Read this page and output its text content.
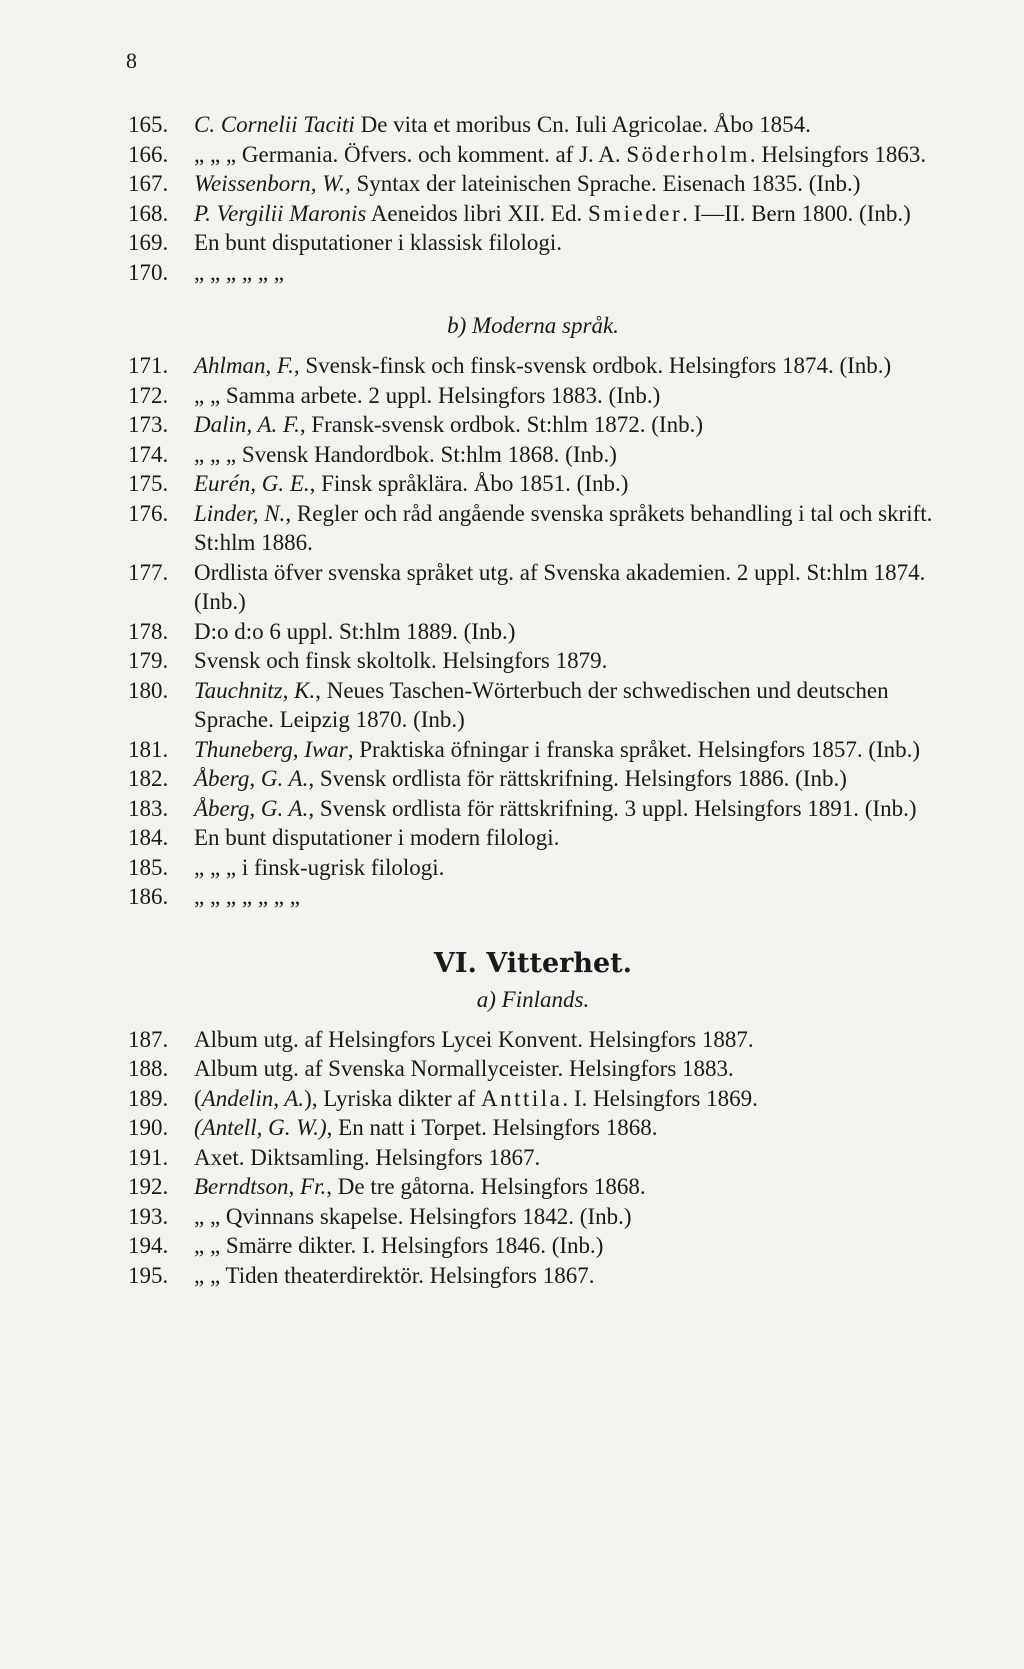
8
165.	C. Cornelii Taciti De vita et moribus Cn. Iuli Agricolae. Åbo 1854.
166.	„ „ „ Germania. Öfvers. och komment. af J. A. Söderholm. Helsingfors 1863.
167.	Weissenborn, W., Syntax der lateinischen Sprache. Eisenach 1835. (Inb.)
168.	P. Vergilii Maronis Aeneidos libri XII. Ed. Smieder. I—II. Bern 1800. (Inb.)
169.	En bunt disputationer i klassisk filologi.
170.	„ „ „ „ „ „
b) Moderna språk.
171.	Ahlman, F., Svensk-finsk och finsk-svensk ordbok. Helsingfors 1874. (Inb.)
172.	„ „ Samma arbete. 2 uppl. Helsingfors 1883. (Inb.)
173.	Dalin, A. F., Fransk-svensk ordbok. St:hlm 1872. (Inb.)
174.	„ „ „ Svensk Handordbok. St:hlm 1868. (Inb.)
175.	Eurén, G. E., Finsk språklära. Åbo 1851. (Inb.)
176.	Linder, N., Regler och råd angående svenska språkets behandling i tal och skrift. St:hlm 1886.
177.	Ordlista öfver svenska språket utg. af Svenska akademien. 2 uppl. St:hlm 1874. (Inb.)
178.	D:o d:o 6 uppl. St:hlm 1889. (Inb.)
179.	Svensk och finsk skoltolk. Helsingfors 1879.
180.	Tauchnitz, K., Neues Taschen-Wörterbuch der schwedischen und deutschen Sprache. Leipzig 1870. (Inb.)
181.	Thuneberg, Iwar, Praktiska öfningar i franska språket. Helsingfors 1857. (Inb.)
182.	Åberg, G. A., Svensk ordlista för rättskrifning. Helsingfors 1886. (Inb.)
183.	Åberg, G. A., Svensk ordlista för rättskrifning. 3 uppl. Helsingfors 1891. (Inb.)
184.	En bunt disputationer i modern filologi.
185.	„ „ „ i finsk-ugrisk filologi.
186.	„ „ „ „ „ „ „
VI. Vitterhet.
a) Finlands.
187.	Album utg. af Helsingfors Lycei Konvent. Helsingfors 1887.
188.	Album utg. af Svenska Normallyceister. Helsingfors 1883.
189.	(Andelin, A.), Lyriska dikter af Anttila. I. Helsingfors 1869.
190.	(Antell, G. W.), En natt i Torpet. Helsingfors 1868.
191.	Axet. Diktsamling. Helsingfors 1867.
192.	Berndtson, Fr., De tre gåtorna. Helsingfors 1868.
193.	„ „ Qvinnans skapelse. Helsingfors 1842. (Inb.)
194.	„ „ Smärre dikter. I. Helsingfors 1846. (Inb.)
195.	„ „ Tiden theaterdirektör. Helsingfors 1867.
